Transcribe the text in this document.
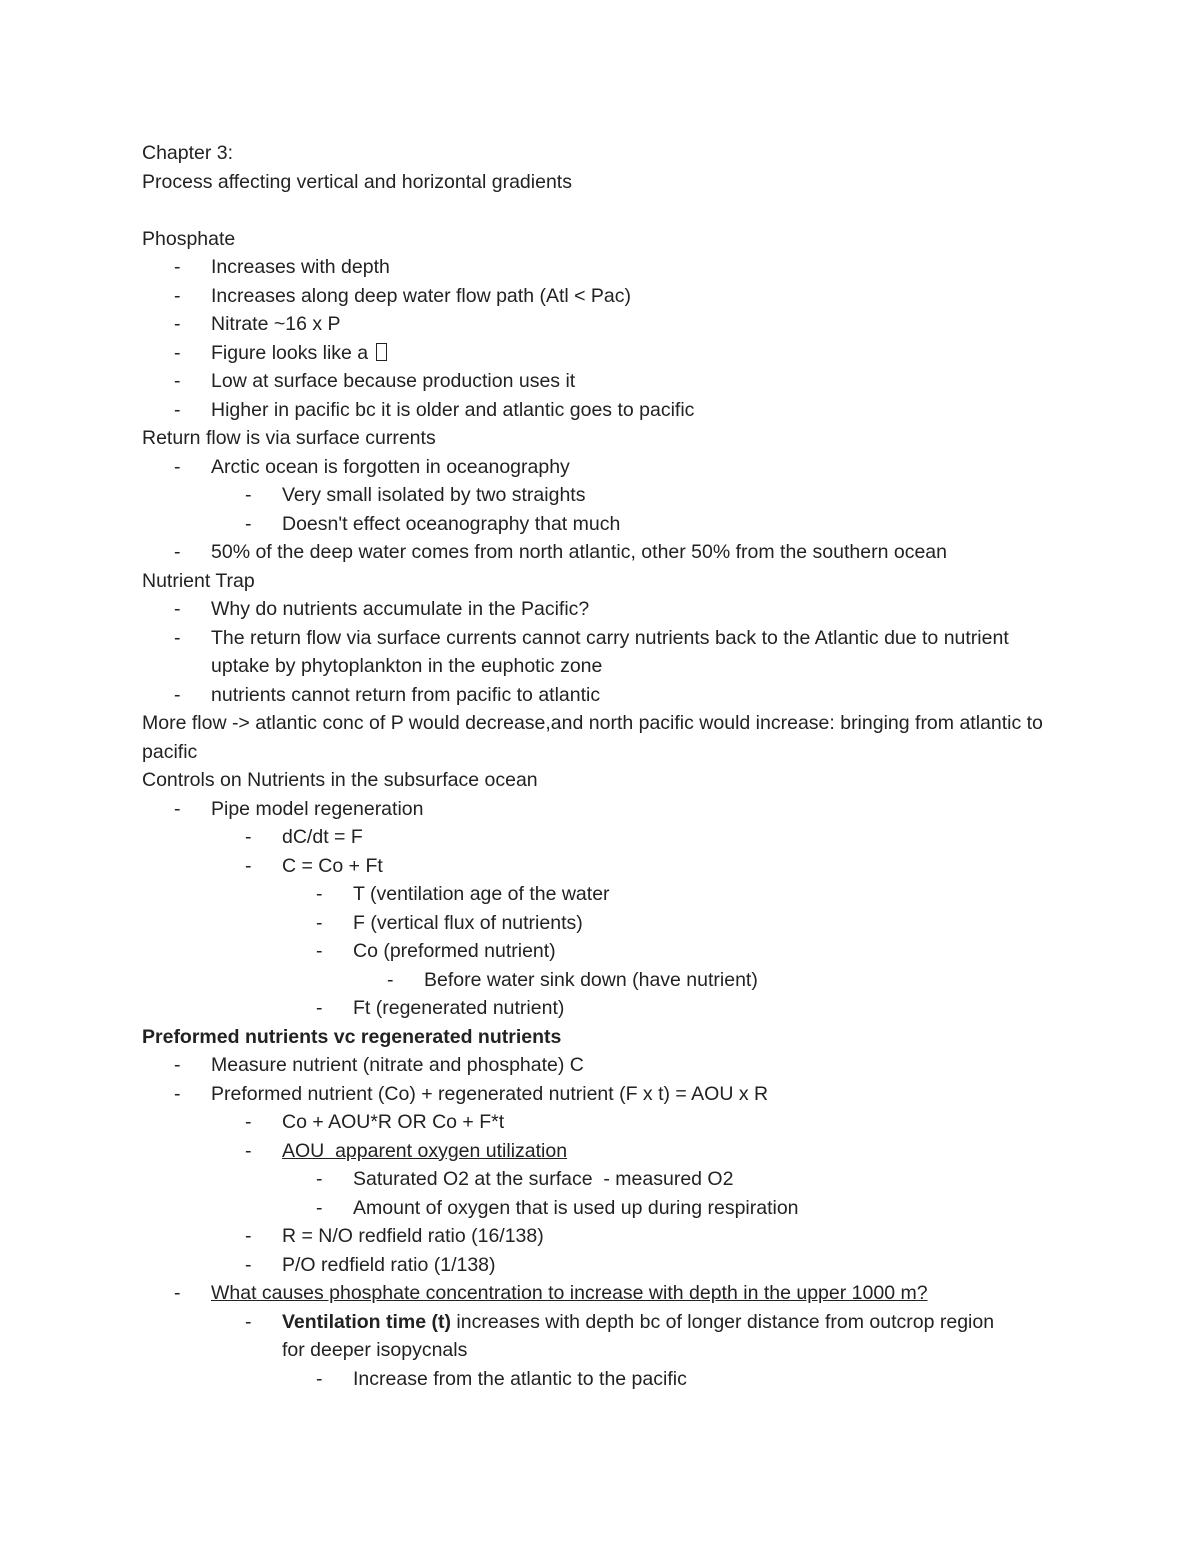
Chapter 3:

Process affecting vertical and horizontal gradients

Phosphate

-	Increases with depth
-	Increases along deep water flow path (Atl < Pac)
-	Nitrate ~16 x P
-	Figure looks like a
-	Low at surface because production uses it
-	Higher in pacific bc it is older and atlantic goes to pacific

Return flow is via surface currents

-	Arctic ocean is forgotten in oceanography
-	Very small isolated by two straights
-	Doesn't effect oceanography that much
-	50% of the deep water comes from north atlantic, other 50% from the southern ocean

Nutrient Trap

-	Why do nutrients accumulate in the Pacific?
-	The return flow via surface currents cannot carry nutrients back to the Atlantic due to nutrient uptake by phytoplankton in the euphotic zone
-	nutrients cannot return from pacific to atlantic

More flow -> atlantic conc of P would decrease,and north pacific would increase: bringing from atlantic to pacific

Controls on Nutrients in the subsurface ocean

-	Pipe model regeneration
-	dC/dt = F
-	C = Co + Ft
-	T (ventilation age of the water
-	F (vertical flux of nutrients)
-	Co (preformed nutrient)
-	Before water sink down (have nutrient)
-	Ft (regenerated nutrient)

Preformed nutrients vc regenerated nutrients

-	Measure nutrient (nitrate and phosphate) C
-	Preformed nutrient (Co) + regenerated nutrient (F x t) = AOU x R
-	Co + AOU*R OR Co + F*t
-	AOU  apparent oxygen utilization
-	Saturated O2 at the surface  - measured O2
-	Amount of oxygen that is used up during respiration
-	R = N/O redfield ratio (16/138)
-	P/O redfield ratio (1/138)
-	What causes phosphate concentration to increase with depth in the upper 1000 m?
-	Ventilation time (t) increases with depth bc of longer distance from outcrop region for deeper isopycnals
-	Increase from the atlantic to the pacific
